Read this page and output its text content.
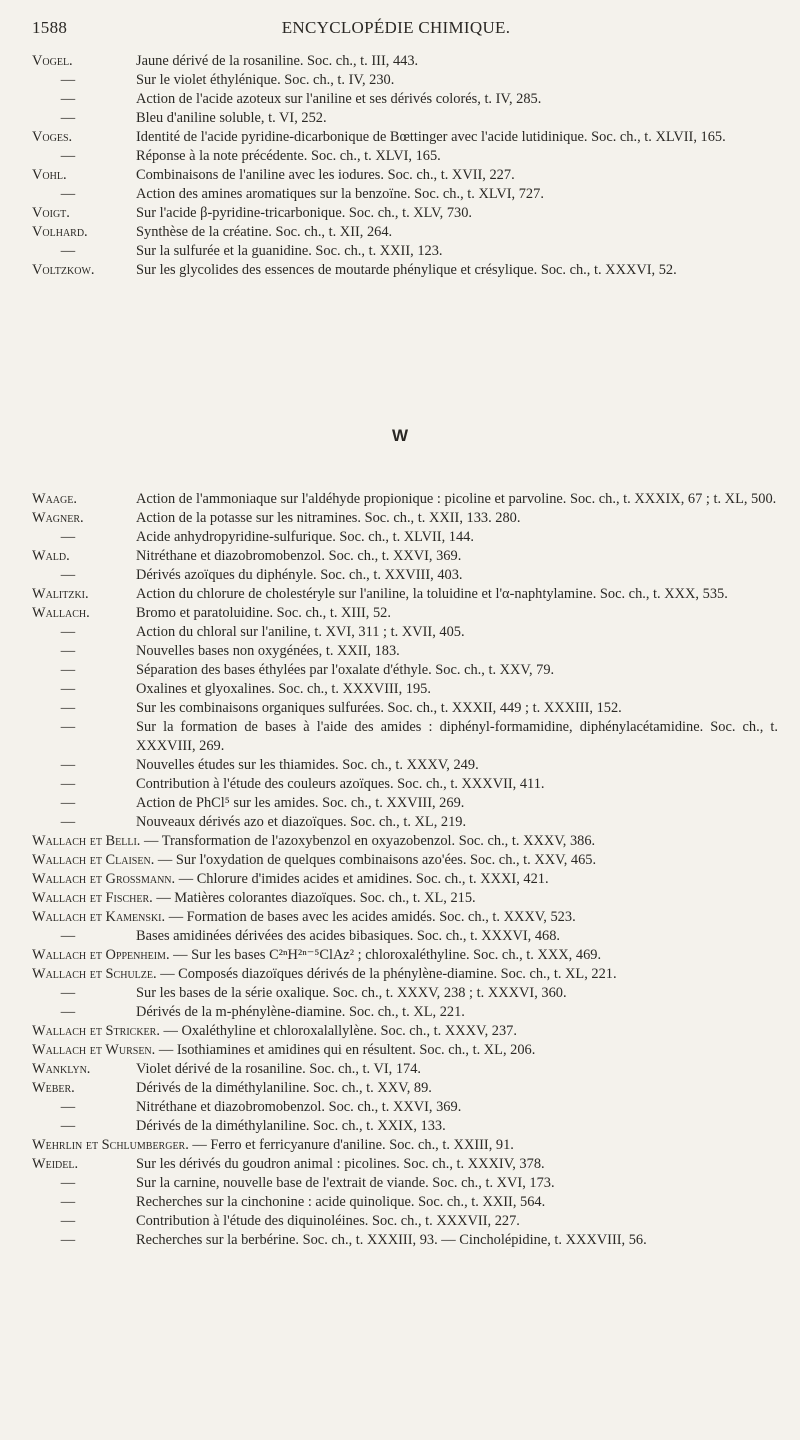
1588	ENCYCLOPÉDIE CHIMIQUE.
Vogel.	Jaune dérivé de la rosaniline. Soc. ch., t. III, 443.
—	Sur le violet éthylénique. Soc. ch., t. IV, 230.
—	Action de l'acide azoteux sur l'aniline et ses dérivés colorés, t. IV, 285.
—	Bleu d'aniline soluble, t. VI, 252.
Voges.	Identité de l'acide pyridine-dicarbonique de Bœttinger avec l'acide lutidinique. Soc. ch., t. XLVII, 165.
—	Réponse à la note précédente. Soc. ch., t. XLVI, 165.
Vohl.	Combinaisons de l'aniline avec les iodures. Soc. ch., t. XVII, 227.
—	Action des amines aromatiques sur la benzoïne. Soc. ch., t. XLVI, 727.
Voigt.	Sur l'acide β-pyridine-tricarbonique. Soc. ch., t. XLV, 730.
Volhard.	Synthèse de la créatine. Soc. ch., t. XII, 264.
—	Sur la sulfurée et la guanidine. Soc. ch., t. XXII, 123.
Voltzkow.	Sur les glycolides des essences de moutarde phénylique et crésylique. Soc. ch., t. XXXVI, 52.
W
Waage.	Action de l'ammoniaque sur l'aldéhyde propionique : picoline et parvoline. Soc. ch., t. XXXIX, 67 ; t. XL, 500.
Wagner.	Action de la potasse sur les nitramines. Soc. ch., t. XXII, 133. 280.
—	Acide anhydropyridine-sulfurique. Soc. ch., t. XLVII, 144.
Wald.	Nitréthane et diazobromobenzol. Soc. ch., t. XXVI, 369.
—	Dérivés azoïques du diphényle. Soc. ch., t. XXVIII, 403.
Walitzki.	Action du chlorure de cholestéryle sur l'aniline, la toluidine et l'α-naphtylamine. Soc. ch., t. XXX, 535.
Wallach.	Bromo et paratoluidine. Soc. ch., t. XIII, 52.
—	Action du chloral sur l'aniline, t. XVI, 311 ; t. XVII, 405.
—	Nouvelles bases non oxygénées, t. XXII, 183.
—	Séparation des bases éthylées par l'oxalate d'éthyle. Soc. ch., t. XXV, 79.
—	Oxalines et glyoxalines. Soc. ch., t. XXXVIII, 195.
—	Sur les combinaisons organiques sulfurées. Soc. ch., t. XXXII, 449 ; t. XXXIII, 152.
—	Sur la formation de bases à l'aide des amides : diphényl-formamidine, diphénylacétamidine. Soc. ch., t. XXXVIII, 269.
—	Nouvelles études sur les thiamides. Soc. ch., t. XXXV, 249.
—	Contribution à l'étude des couleurs azoïques. Soc. ch., t. XXXVII, 411.
—	Action de PhCl⁵ sur les amides. Soc. ch., t. XXVIII, 269.
—	Nouveaux dérivés azo et diazoïques. Soc. ch., t. XL, 219.
Wallach et Belli. — Transformation de l'azoxybenzol en oxyazobenzol. Soc. ch., t. XXXV, 386.
Wallach et Claisen. — Sur l'oxydation de quelques combinaisons azo'ées. Soc. ch., t. XXV, 465.
Wallach et Grossmann. — Chlorure d'imides acides et amidines. Soc. ch., t. XXXI, 421.
Wallach et Fischer. — Matières colorantes diazoïques. Soc. ch., t. XL, 215.
Wallach et Kamenski. — Formation de bases avec les acides amidés. Soc. ch., t. XXXV, 523.
—	Bases amidinées dérivées des acides bibasiques. Soc. ch., t. XXXVI, 468.
Wallach et Oppenheim. — Sur les bases C²ⁿH²ⁿ⁻⁵ClAz² ; chloroxaléthyline. Soc. ch., t. XXX, 469.
Wallach et Schulze. — Composés diazoïques dérivés de la phénylène-diamine. Soc. ch., t. XL, 221.
—	Sur les bases de la série oxalique. Soc. ch., t. XXXV, 238 ; t. XXXVI, 360.
—	Dérivés de la m-phénylène-diamine. Soc. ch., t. XL, 221.
Wallach et Stricker. — Oxaléthyline et chloroxalallylène. Soc. ch., t. XXXV, 237.
Wallach et Wursen. — Isothiamines et amidines qui en résultent. Soc. ch., t. XL, 206.
Wanklyn.	Violet dérivé de la rosaniline. Soc. ch., t. VI, 174.
Weber.	Dérivés de la diméthylaniline. Soc. ch., t. XXV, 89.
—	Nitréthane et diazobromobenzol. Soc. ch., t. XXVI, 369.
—	Dérivés de la diméthylaniline. Soc. ch., t. XXIX, 133.
Wehrlin et Schlumberger. — Ferro et ferricyanure d'aniline. Soc. ch., t. XXIII, 91.
Weidel.	Sur les dérivés du goudron animal : picolines. Soc. ch., t. XXXIV, 378.
—	Sur la carnine, nouvelle base de l'extrait de viande. Soc. ch., t. XVI, 173.
—	Recherches sur la cinchonine : acide quinolique. Soc. ch., t. XXII, 564.
—	Contribution à l'étude des diquinoléines. Soc. ch., t. XXXVII, 227.
—	Recherches sur la berbérine. Soc. ch., t. XXXIII, 93. — Cincholépidine, t. XXXVIII, 56.
